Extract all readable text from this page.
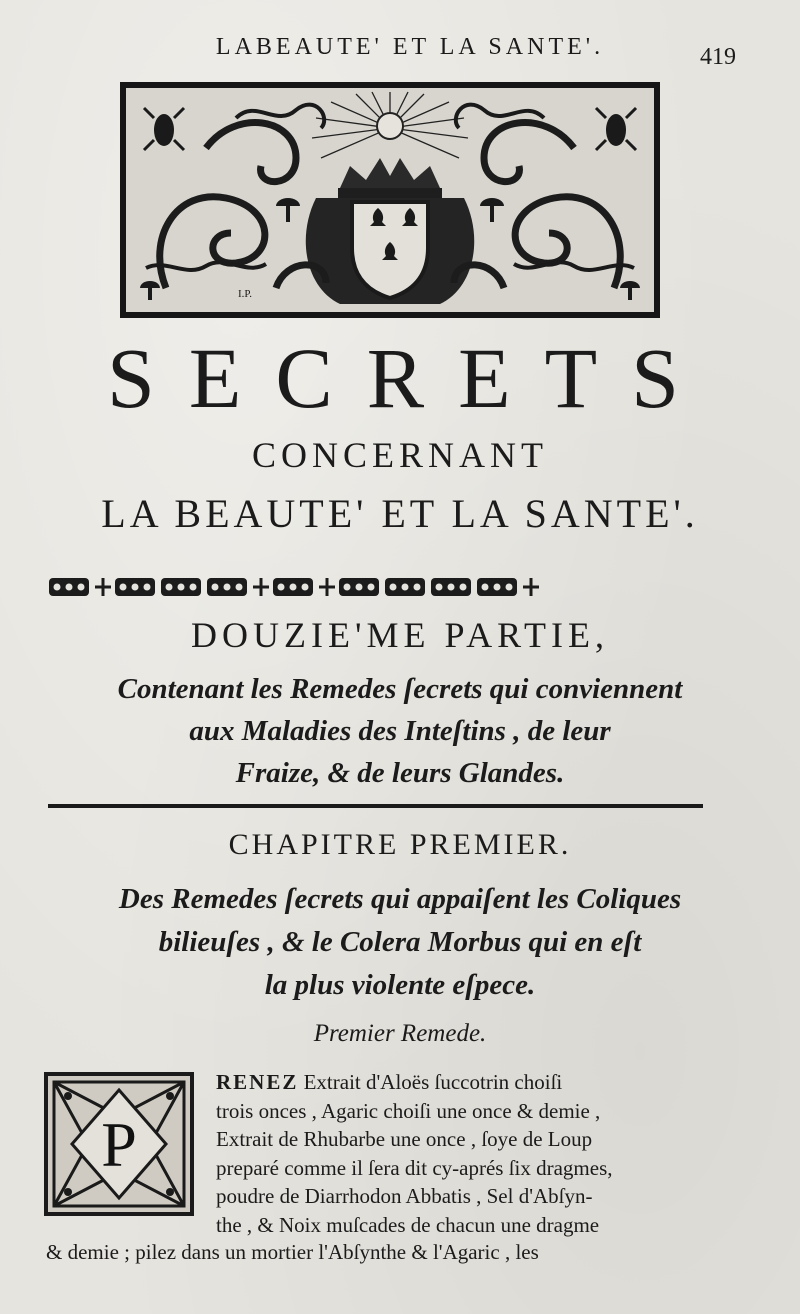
LABEAUTE' ET LA SANTE'.	419
I.P.
SECRETS
CONCERNANT
LA BEAUTE' ET LA SANTE'.
DOUZIE'ME PARTIE,
Contenant les Remedes ſecrets qui conviennent
aux Maladies des Inteſtins , de leur
Fraize, & de leurs Glandes.
CHAPITRE PREMIER.
Des Remedes ſecrets qui appaiſent les Coliques
bilieuſes , & le Colera Morbus qui en eſt
la plus violente eſpece.
Premier Remede.
P
RENEZ Extrait d'Aloës ſuccotrin choiſi
trois onces , Agaric choiſi une once & demie ,
Extrait de Rhubarbe une once , ſoye de Loup
preparé comme il ſera dit cy-aprés ſix dragmes,
poudre de Diarrhodon Abbatis , Sel d'Abſyn-
the , & Noix muſcades de chacun une dragme
& demie ; pilez dans un mortier l'Abſynthe & l'Agaric , les
